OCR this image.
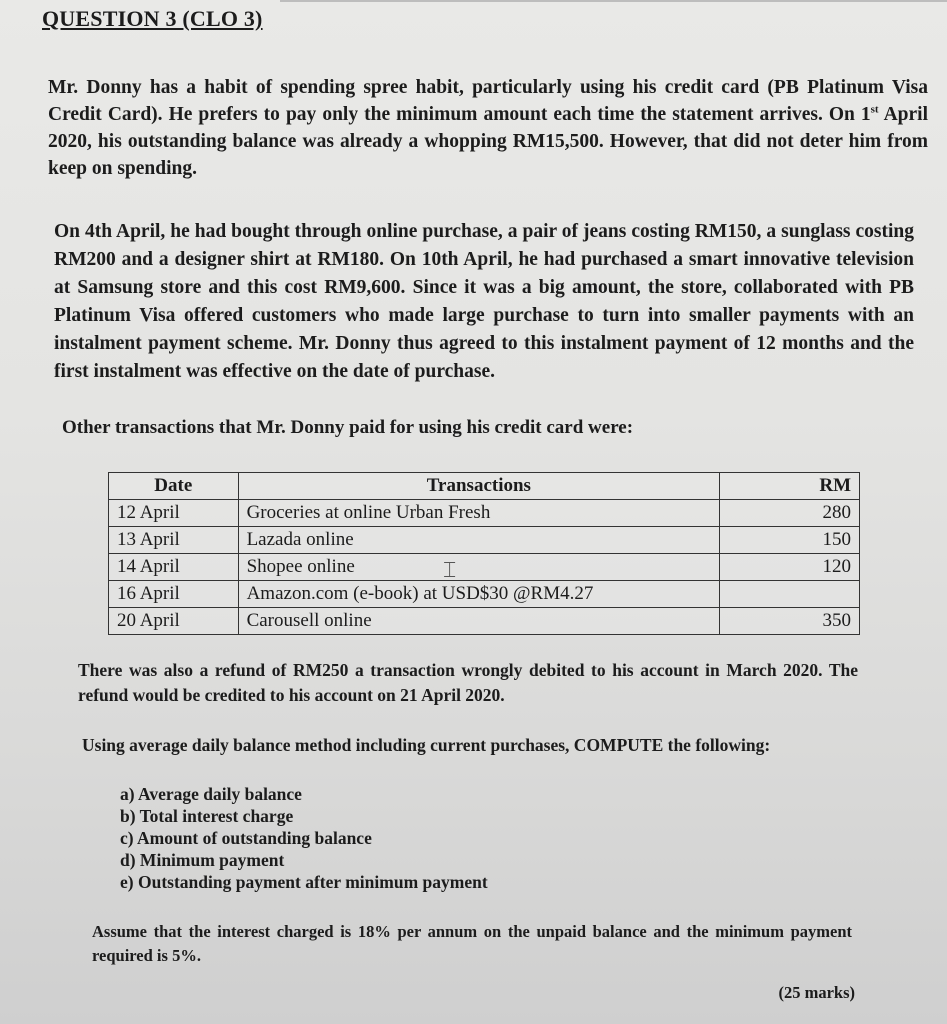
QUESTION 3 (CLO 3)

Mr. Donny has a habit of spending spree habit, particularly using his credit card (PB Platinum Visa Credit Card). He prefers to pay only the minimum amount each time the statement arrives. On 1st April 2020, his outstanding balance was already a whopping RM15,500. However, that did not deter him from keep on spending.

On 4th April, he had bought through online purchase, a pair of jeans costing RM150, a sunglass costing RM200 and a designer shirt at RM180. On 10th April, he had purchased a smart innovative television at Samsung store and this cost RM9,600. Since it was a big amount, the store, collaborated with PB Platinum Visa offered customers who made large purchase to turn into smaller payments with an instalment payment scheme. Mr. Donny thus agreed to this instalment payment of 12 months and the first instalment was effective on the date of purchase.

Other transactions that Mr. Donny paid for using his credit card were:

Date	Transactions	RM
12 April	Groceries at online Urban Fresh	280
13 April	Lazada online	150
14 April	Shopee online	120
16 April	Amazon.com (e-book) at USD$30 @RM4.27	
20 April	Carousell online	350
⌶

There was also a refund of RM250 a transaction wrongly debited to his account in March 2020. The refund would be credited to his account on 21 April 2020.

Using average daily balance method including current purchases, COMPUTE the following:

a) Average daily balance
b) Total interest charge
c) Amount of outstanding balance
d) Minimum payment
e) Outstanding payment after minimum payment

Assume that the interest charged is 18% per annum on the unpaid balance and the minimum payment required is 5%.

(25 marks)
